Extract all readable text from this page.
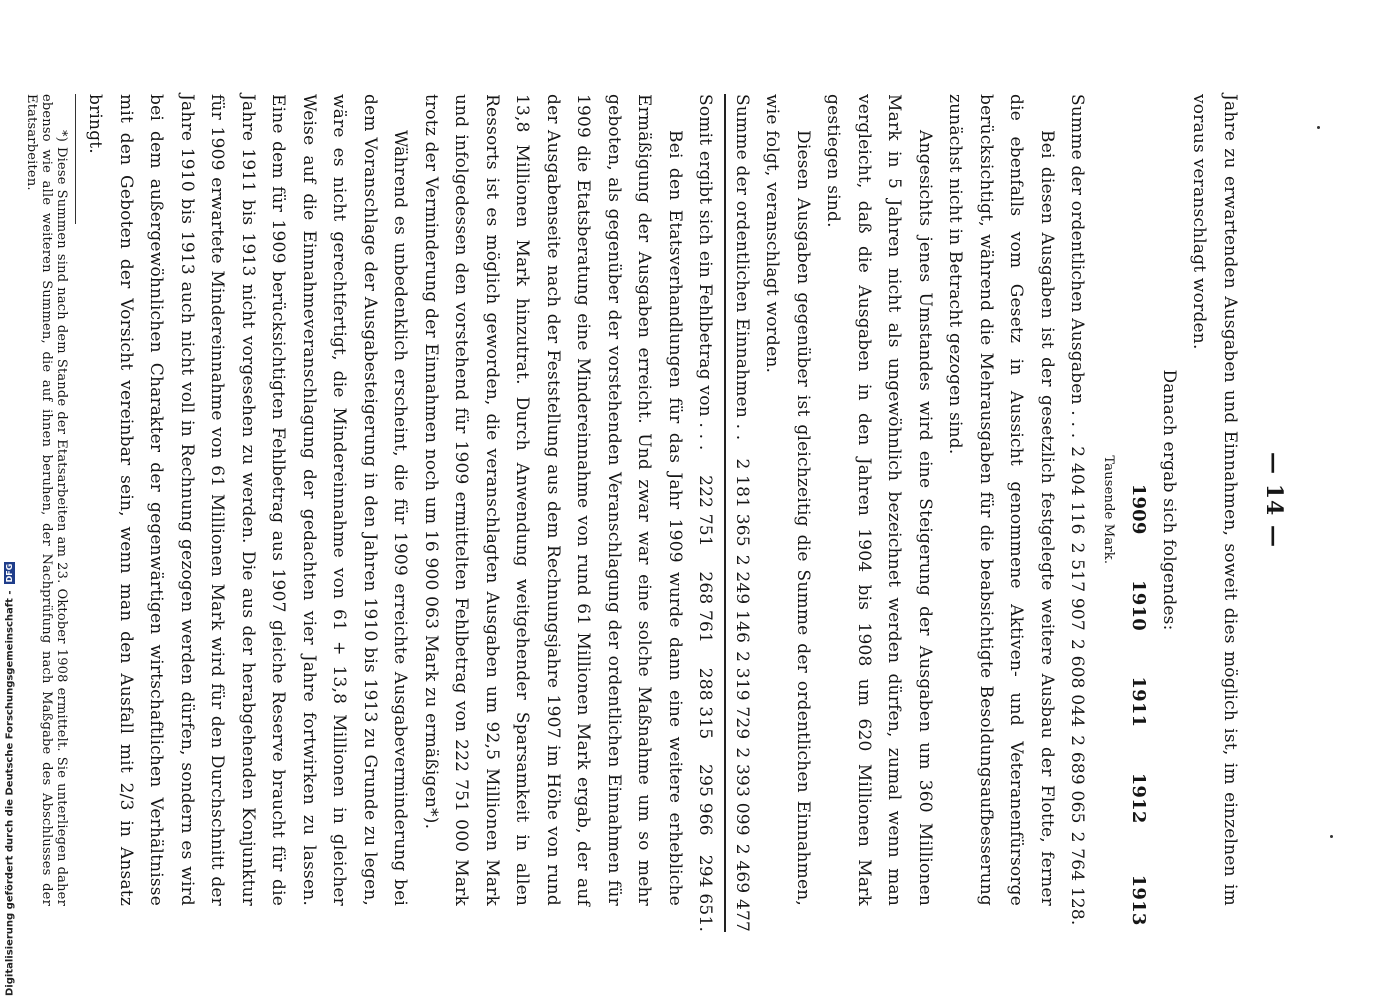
— 14 —

Jahre zu erwartenden Ausgaben und Einnahmen, soweit dies möglich ist, im einzelnen im voraus veranschlagt worden.

Danach ergab sich folgendes:

	1909	1910	1911	1912	1913
Tausende Mark.					
Summe der ordentlichen Ausgaben . . .	2 404 116	2 517 907	2 608 044	2 689 065	2 764 128.

Bei diesen Ausgaben ist der gesetzlich festgelegte weitere Ausbau der Flotte, ferner die ebenfalls vom Gesetz in Aussicht genommene Aktiven- und Veteranenfürsorge berücksichtigt, während die Mehrausgaben für die beabsichtigte Besoldungsaufbesserung zunächst nicht in Betracht gezogen sind.

Angesichts jenes Umstandes wird eine Steigerung der Ausgaben um 360 Millionen Mark in 5 Jahren nicht als ungewöhnlich bezeichnet werden dürfen, zumal wenn man vergleicht, daß die Ausgaben in den Jahren 1904 bis 1908 um 620 Millionen Mark gestiegen sind.

Diesen Ausgaben gegenüber ist gleichzeitig die Summe der ordentlichen Einnahmen, wie folgt, veranschlagt worden.

Summe der ordentlichen Einnahmen . .	2 181 365	2 249 146	2 319 729	2 393 099	2 469 477

Somit ergibt sich ein Fehlbetrag von . . .	222 751	268 761	288 315	295 966	294 651.

Bei den Etatsverhandlungen für das Jahr 1909 wurde dann eine weitere erhebliche Ermäßigung der Ausgaben erreicht. Und zwar war eine solche Maßnahme um so mehr geboten, als gegenüber der vorstehenden Veranschlagung der ordentlichen Einnahmen für 1909 die Etatsberatung eine Mindereinnahme von rund 61 Millionen Mark ergab, der auf der Ausgabenseite nach der Feststellung aus dem Rechnungsjahre 1907 im Höhe von rund 13,8 Millionen Mark hinzutrat. Durch Anwendung weitgehender Sparsamkeit in allen Ressorts ist es möglich geworden, die veranschlagten Ausgaben um 92,5 Millionen Mark und infolgedessen den vorstehend für 1909 ermittelten Fehlbetrag von 222 751 000 Mark trotz der Verminderung der Einnahmen noch um 16 900 063 Mark zu ermäßigen*).

Während es unbedenklich erscheint, die für 1909 erreichte Ausgabeverminderung bei dem Voranschlage der Ausgabesteigerung in den Jahren 1910 bis 1913 zu Grunde zu legen, wäre es nicht gerechtfertigt, die Mindereinnahme von 61 + 13,8 Millionen in gleicher Weise auf die Einnahmeveranschlagung der gedachten vier Jahre fortwirken zu lassen. Eine dem für 1909 berücksichtigten Fehlbetrag aus 1907 gleiche Reserve braucht für die Jahre 1911 bis 1913 nicht vorgesehen zu werden. Die aus der herabgehenden Konjunktur für 1909 erwartete Mindereinnahme von 61 Millionen Mark wird für den Durchschnitt der Jahre 1910 bis 1913 auch nicht voll in Rechnung gezogen werden dürfen, sondern es wird bei dem außergewöhnlichen Charakter der gegenwärtigen wirtschaftlichen Verhältnisse mit den Geboten der Vorsicht vereinbar sein, wenn man den Ausfall mit 2/3 in Ansatz bringt.

*) Diese Summen sind nach dem Stande der Etatsarbeiten am 23. Oktober 1908 ermittelt. Sie unterliegen daher ebenso wie alle weiteren Summen, die auf ihnen beruhen, der Nachprüfung nach Maßgabe des Abschlusses der Etatsarbeiten.

Digitalisierung gefördert durch die Deutsche Forschungsgemeinschaft - DFG
